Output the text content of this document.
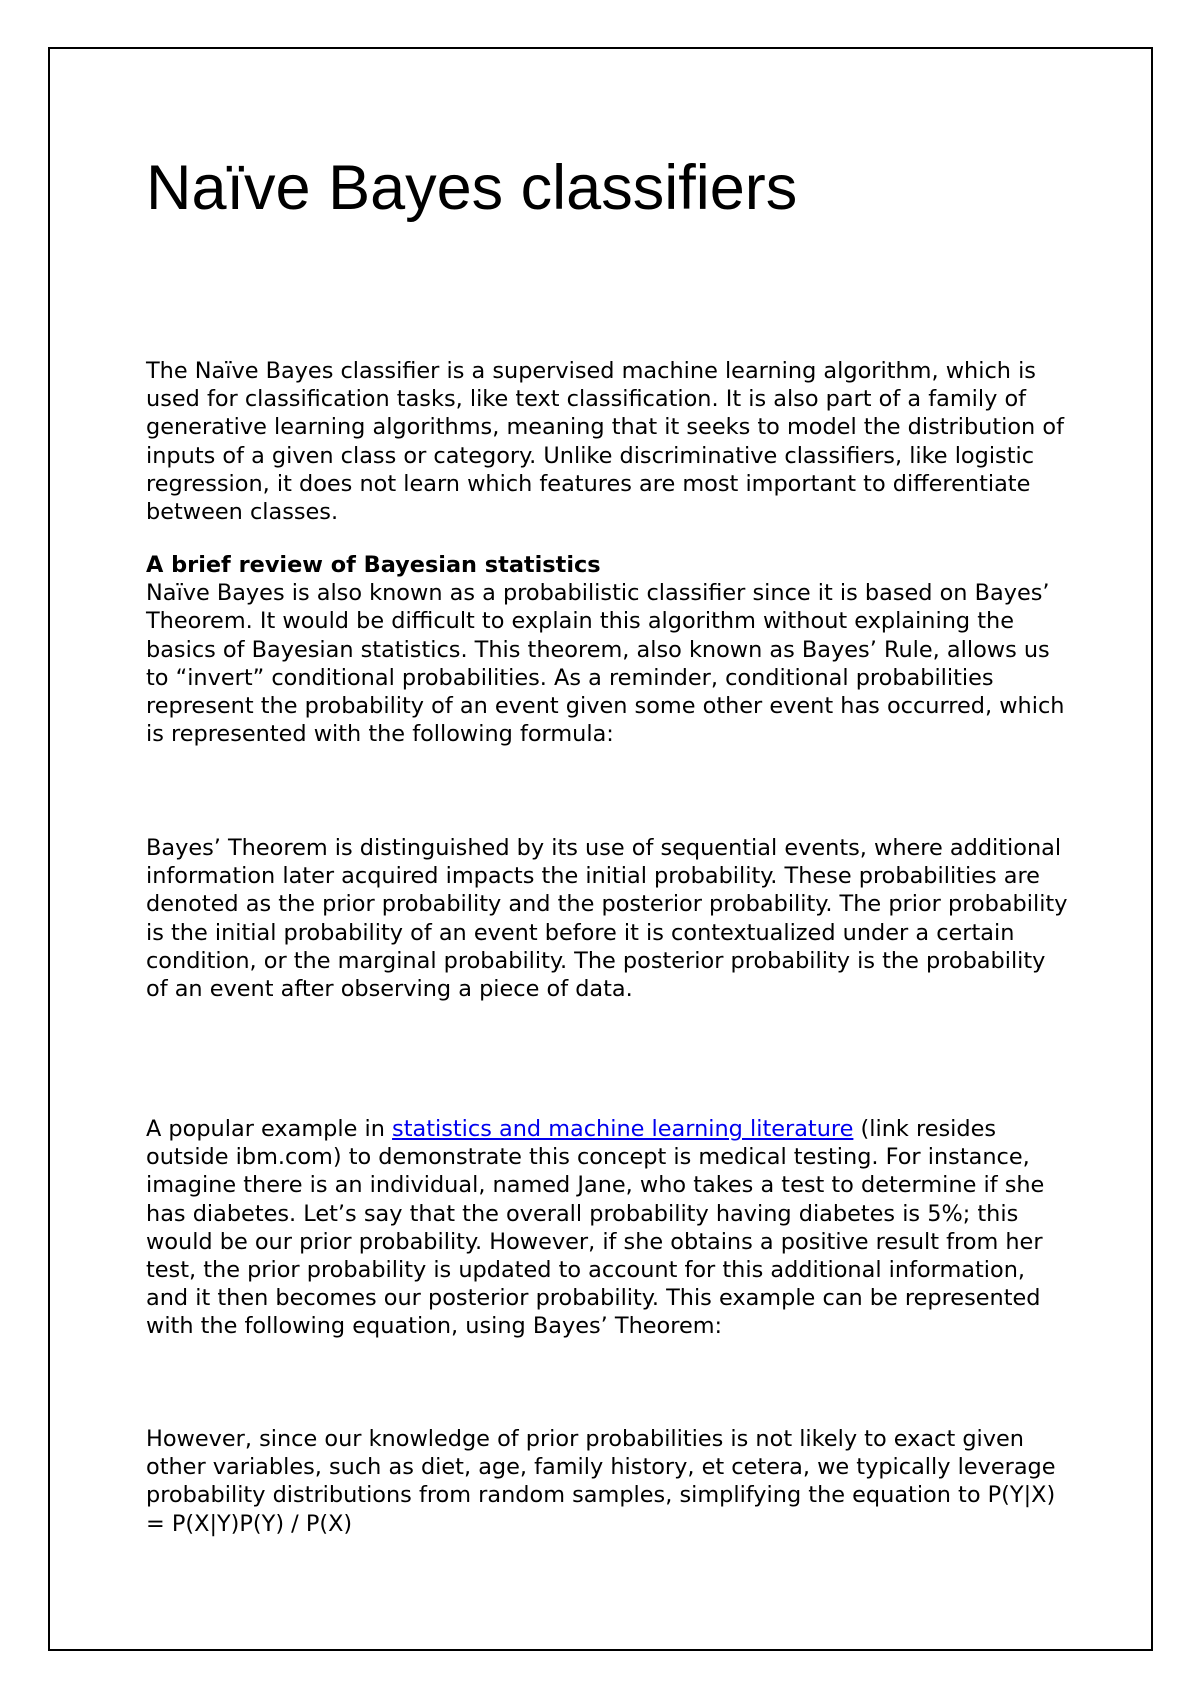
Naïve Bayes classifiers

The Naïve Bayes classifier is a supervised machine learning algorithm, which is used for classification tasks, like text classification. It is also part of a family of generative learning algorithms, meaning that it seeks to model the distribution of inputs of a given class or category. Unlike discriminative classifiers, like logistic regression, it does not learn which features are most important to differentiate between classes.

A brief review of Bayesian statistics
Naïve Bayes is also known as a probabilistic classifier since it is based on Bayes’ Theorem. It would be difficult to explain this algorithm without explaining the basics of Bayesian statistics. This theorem, also known as Bayes’ Rule, allows us to “invert” conditional probabilities. As a reminder, conditional probabilities represent the probability of an event given some other event has occurred, which is represented with the following formula:

Bayes’ Theorem is distinguished by its use of sequential events, where additional information later acquired impacts the initial probability. These probabilities are denoted as the prior probability and the posterior probability. The prior probability is the initial probability of an event before it is contextualized under a certain condition, or the marginal probability. The posterior probability is the probability of an event after observing a piece of data.

A popular example in statistics and machine learning literature (link resides outside ibm.com) to demonstrate this concept is medical testing. For instance, imagine there is an individual, named Jane, who takes a test to determine if she has diabetes. Let’s say that the overall probability having diabetes is 5%; this would be our prior probability. However, if she obtains a positive result from her test, the prior probability is updated to account for this additional information, and it then becomes our posterior probability. This example can be represented with the following equation, using Bayes’ Theorem:

However, since our knowledge of prior probabilities is not likely to exact given other variables, such as diet, age, family history, et cetera, we typically leverage probability distributions from random samples, simplifying the equation to P(Y|X) = P(X|Y)P(Y) / P(X)
